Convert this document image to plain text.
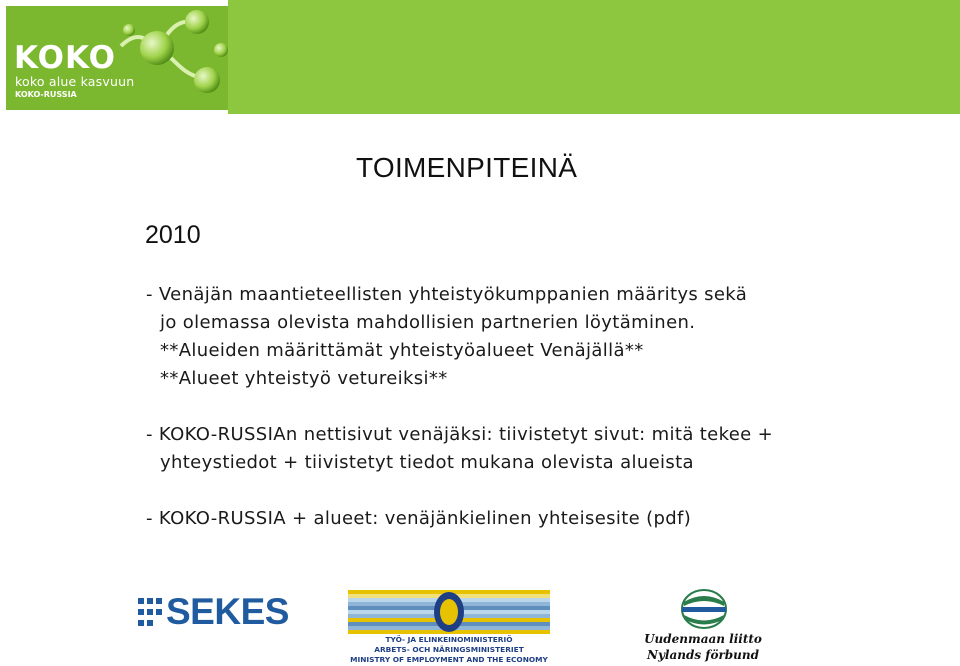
KOKO
koko alue kasvuun
KOKO-RUSSIA
TOIMENPITEINÄ
2010
- Venäjän maantieteellisten yhteistyökumppanien määritys sekä
jo olemassa olevista mahdollisien partnerien löytäminen.
**Alueiden määrittämät yhteistyöalueet Venäjällä**
**Alueet yhteistyö vetureiksi**
- KOKO-RUSSIAn nettisivut venäjäksi: tiivistetyt sivut: mitä tekee +
yhteystiedot + tiivistetyt tiedot mukana olevista alueista
- KOKO-RUSSIA + alueet: venäjänkielinen yhteisesite (pdf)
SEKES
TYÖ- JA ELINKEINOMINISTERIÖ
ARBETS- OCH NÄRINGSMINISTERIET
MINISTRY OF EMPLOYMENT AND THE ECONOMY
Uudenmaan liitto
Nylands förbund
